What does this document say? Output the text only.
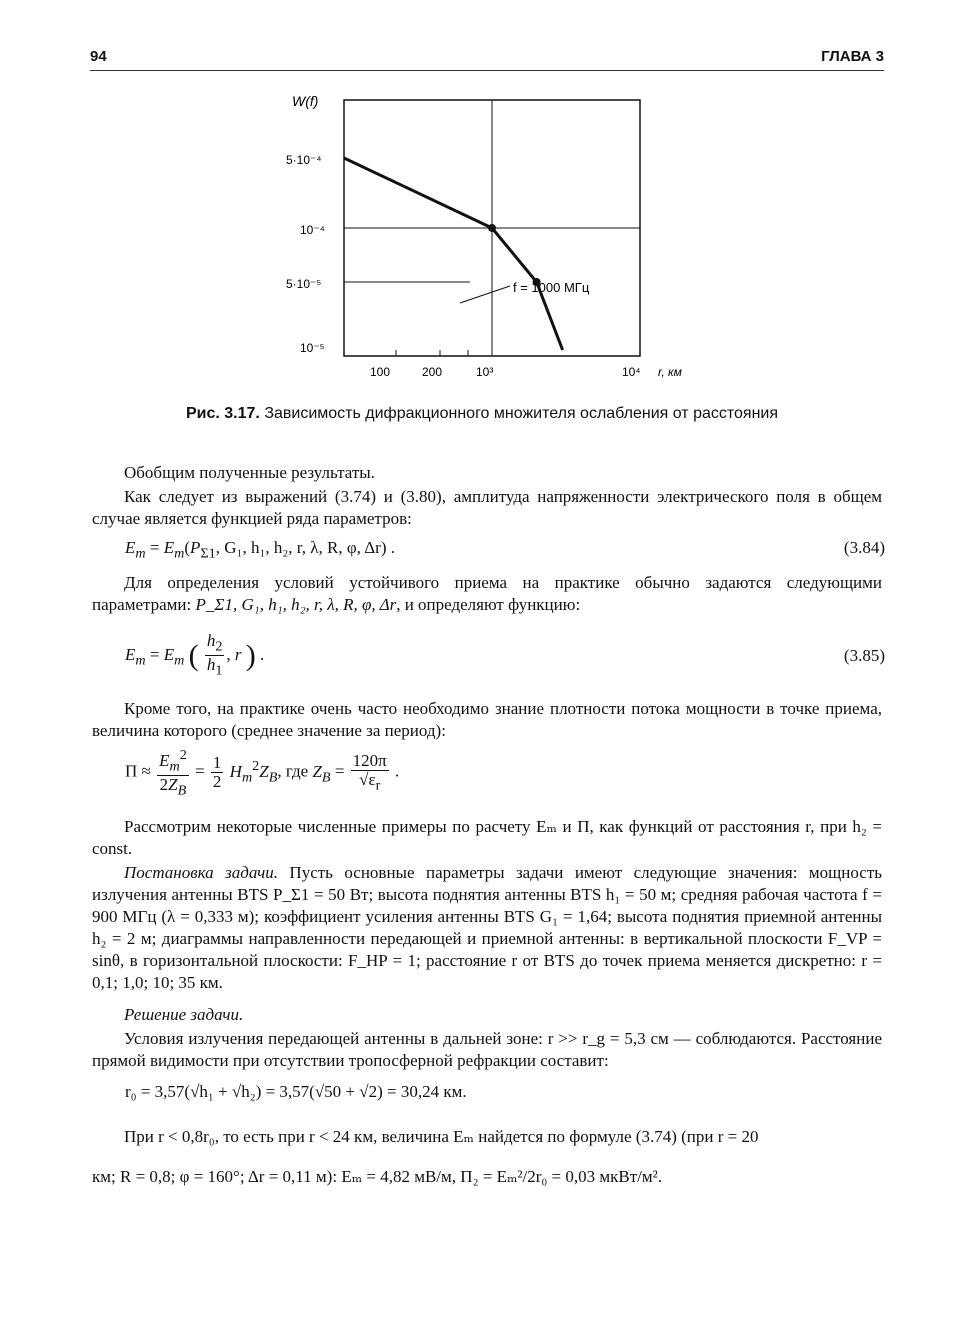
94	ГЛАВА 3
f = 1000 МГц
W(f)
5·10⁻⁴
10⁻⁴
5·10⁻⁵
10⁻⁵
100	200	10³	10⁴ r, км
Рис. 3.17. Зависимость дифракционного множителя ослабления от расстояния
Обобщим полученные результаты.
Как следует из выражений (3.74) и (3.80), амплитуда напряженности электрического поля в общем случае является функцией ряда параметров:
$E_m = E_m(P_{\Sigma 1}$, G₁, h₁, h₂, r, λ, R, φ, Δr) .	(3.84)
Для определения условий устойчивого приема на практике обычно задаются следующими параметрами: P_Σ1, G₁, h₁, h₂, r, λ, R, φ, Δr, и определяют функцию:
$E_m = E_m$ ( $\frac{h_2}{h_1}$ , r ) .	(3.85)
Кроме того, на практике очень часто необходимо знание плотности потока мощности в точке приема, величина которого (среднее значение за период):
$П \approx \frac{E_m^2}{2Z_B} = \frac{1}{2} H_m^2Z_B$, где $Z_B = \frac{120\pi}{√\varepsilon_r}$ .
Рассмотрим некоторые численные примеры по расчету Eₘ и П, как функций от расстояния r, при h₂ = const.
Постановка задачи. Пусть основные параметры задачи имеют следующие значения: мощность излучения антенны BTS P_Σ1 = 50 Вт; высота поднятия антенны BTS h₁ = 50 м; средняя рабочая частота f = 900 МГц (λ = 0,333 м); коэффициент усиления антенны BTS G₁ = 1,64; высота поднятия приемной антенны h₂ = 2 м; диаграммы направленности передающей и приемной антенны: в вертикальной плоскости F_VP = sinθ, в горизонтальной плоскости: F_HP = 1; расстояние r от BTS до точек приема меняется дискретно: r = 0,1; 1,0; 10; 35 км.
Решение задачи.
Условия излучения передающей антенны в дальней зоне: r >> r_g = 5,3 см — соблюдаются. Расстояние прямой видимости при отсутствии тропосферной рефракции составит:
r₀ = 3,57(√h₁ + √h₂) = 3,57(√50 + √2) = 30,24 км.
При r < 0,8r₀, то есть при r < 24 км, величина Eₘ найдется по формуле (3.74) (при r = 20
км; R = 0,8; φ = 160°; Δr = 0,11 м): Eₘ = 4,82 мВ/м, П₂ = Eₘ²/2r₀ = 0,03 мкВт/м².
